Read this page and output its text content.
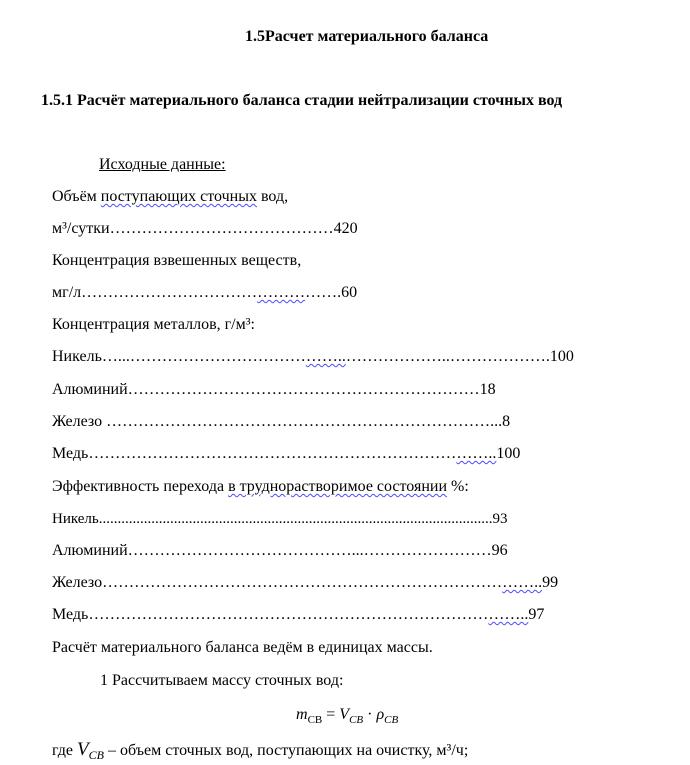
1.5Расчет материального баланса
1.5.1 Расчёт материального баланса стадии нейтрализации сточных вод
Исходные данные:
Объём поступающих сточных вод,
м³/сутки……………………………………420
Концентрация взвешенных веществ,
мг/л………………………………………….60
Концентрация металлов, г/м³:
Никель…...…………………………………..………………..……………….100
Алюминий…………………………………………………………18
Железо ………………………………………………………………...8
Медь…………………………………………………………………..100
Эффективность перехода в труднорастворимое состоянии %:
Никель.........................................................................................................93
Алюминий……………………………………...……………………96
Железо………………………………………………………………………..99
Медь………………………………………………………………………..97
Расчёт материального баланса ведём в единицах массы.
1 Рассчитываем массу сточных вод:
$m_{СВ} = V_{СВ} \cdot \rho_{СВ}$
где $V_{СВ}$ – объем сточных вод, поступающих на очистку, м³/ч;
